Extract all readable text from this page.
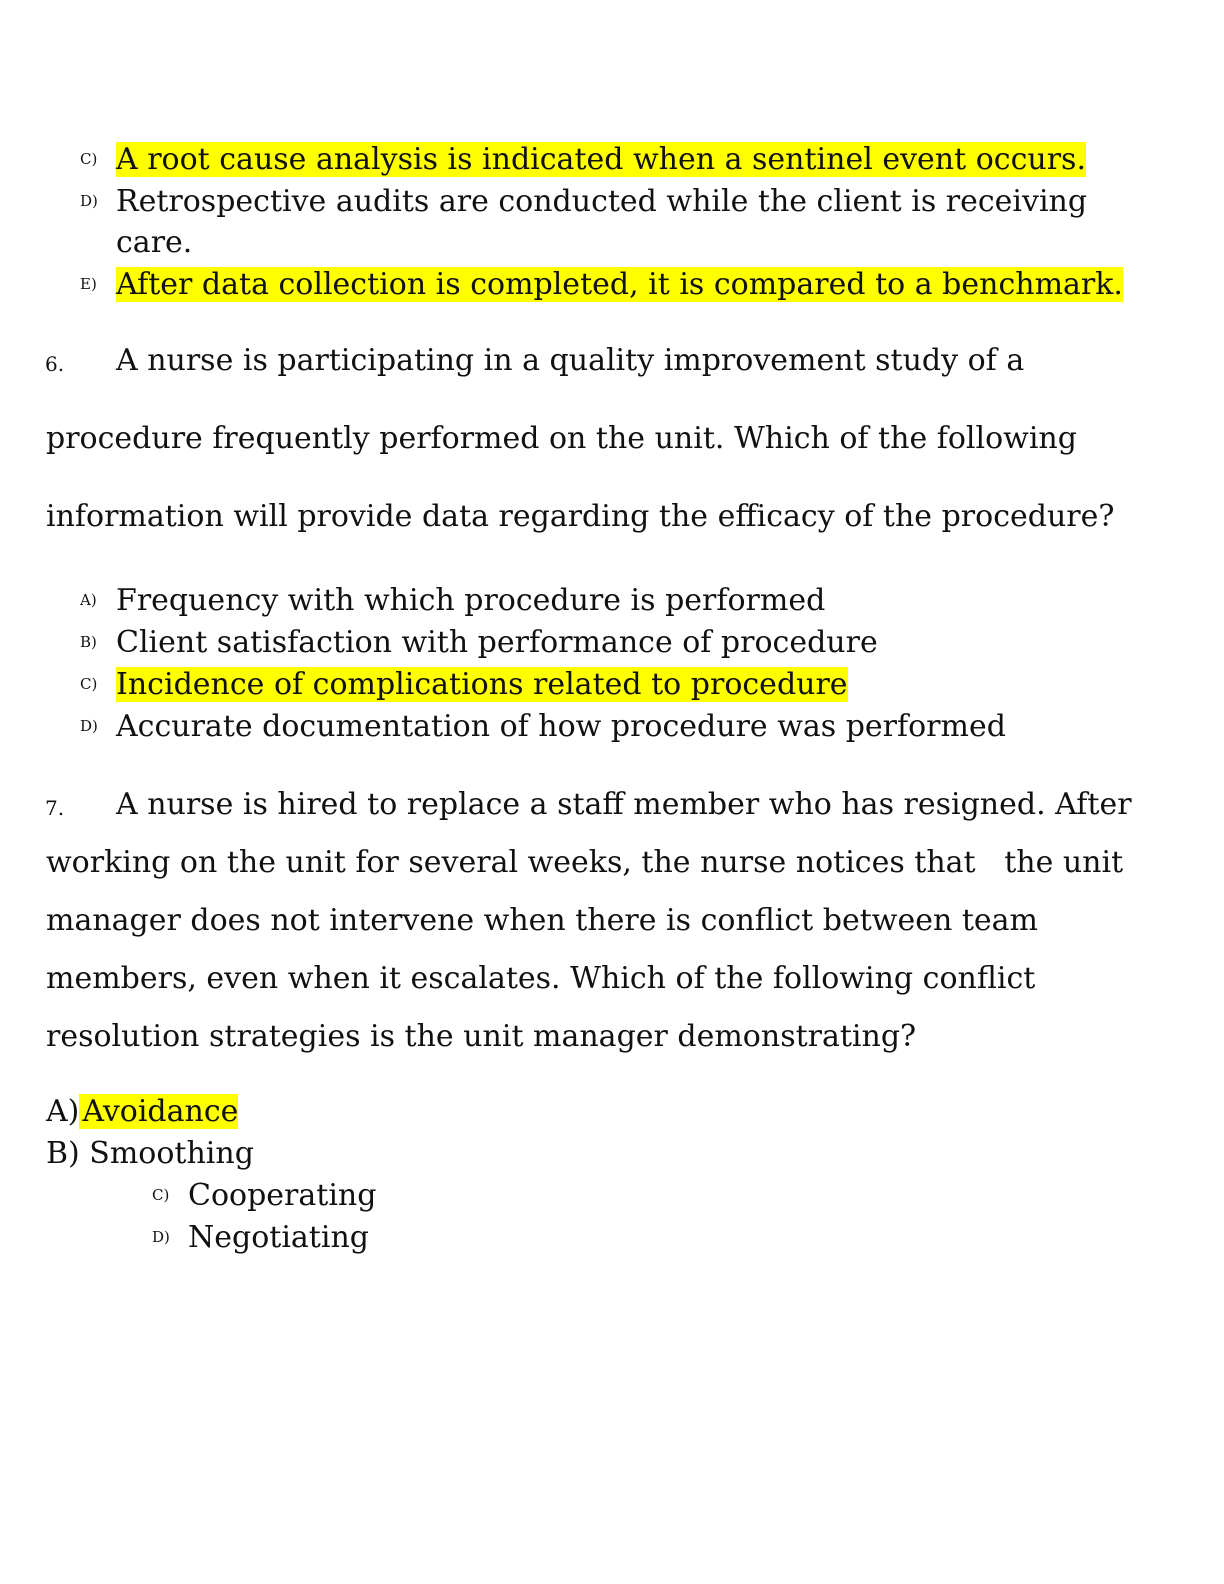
C) A root cause analysis is indicated when a sentinel event occurs.
D) Retrospective audits are conducted while the client is receiving
care.
E) After data collection is completed, it is compared to a benchmark.
6. A nurse is participating in a quality improvement study of a
procedure frequently performed on the unit. Which of the following
information will provide data regarding the efficacy of the procedure?
A) Frequency with which procedure is performed
B) Client satisfaction with performance of procedure
C) Incidence of complications related to procedure
D) Accurate documentation of how procedure was performed
7. A nurse is hired to replace a staff member who has resigned. After
working on the unit for several weeks, the nurse notices that   the unit
manager does not intervene when there is conflict between team
members, even when it escalates. Which of the following conflict
resolution strategies is the unit manager demonstrating?
A)  Avoidance
B) Smoothing
C) Cooperating
D) Negotiating
